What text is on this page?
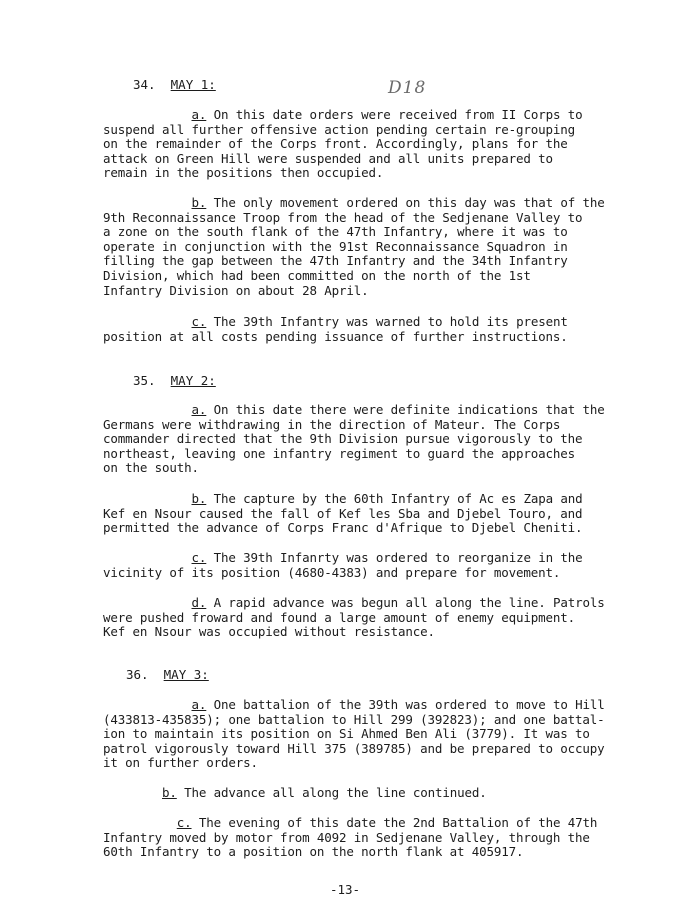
D18
34. MAY 1:
a. On this date orders were received from II Corps to
suspend all further offensive action pending certain re-grouping
on the remainder of the Corps front. Accordingly, plans for the
attack on Green Hill were suspended and all units prepared to
remain in the positions then occupied.
b. The only movement ordered on this day was that of the
9th Reconnaissance Troop from the head of the Sedjenane Valley to
a zone on the south flank of the 47th Infantry, where it was to
operate in conjunction with the 91st Reconnaissance Squadron in
filling the gap between the 47th Infantry and the 34th Infantry
Division, which had been committed on the north of the 1st
Infantry Division on about 28 April.
c. The 39th Infantry was warned to hold its present
position at all costs pending issuance of further instructions.
35. MAY 2:
a. On this date there were definite indications that the
Germans were withdrawing in the direction of Mateur. The Corps
commander directed that the 9th Division pursue vigorously to the
northeast, leaving one infantry regiment to guard the approaches
on the south.
b. The capture by the 60th Infantry of Ac es Zapa and
Kef en Nsour caused the fall of Kef les Sba and Djebel Touro, and
permitted the advance of Corps Franc d'Afrique to Djebel Cheniti.
c. The 39th Infanrty was ordered to reorganize in the
vicinity of its position (4680-4383) and prepare for movement.
d. A rapid advance was begun all along the line. Patrols
were pushed froward and found a large amount of enemy equipment.
Kef en Nsour was occupied without resistance.
36. MAY 3:
a. One battalion of the 39th was ordered to move to Hill
(433813-435835); one battalion to Hill 299 (392823); and one battal-
ion to maintain its position on Si Ahmed Ben Ali (3779). It was to
patrol vigorously toward Hill 375 (389785) and be prepared to occupy
it on further orders.
b. The advance all along the line continued.
c. The evening of this date the 2nd Battalion of the 47th
Infantry moved by motor from 4092 in Sedjenane Valley, through the
60th Infantry to a position on the north flank at 405917.
-13-
